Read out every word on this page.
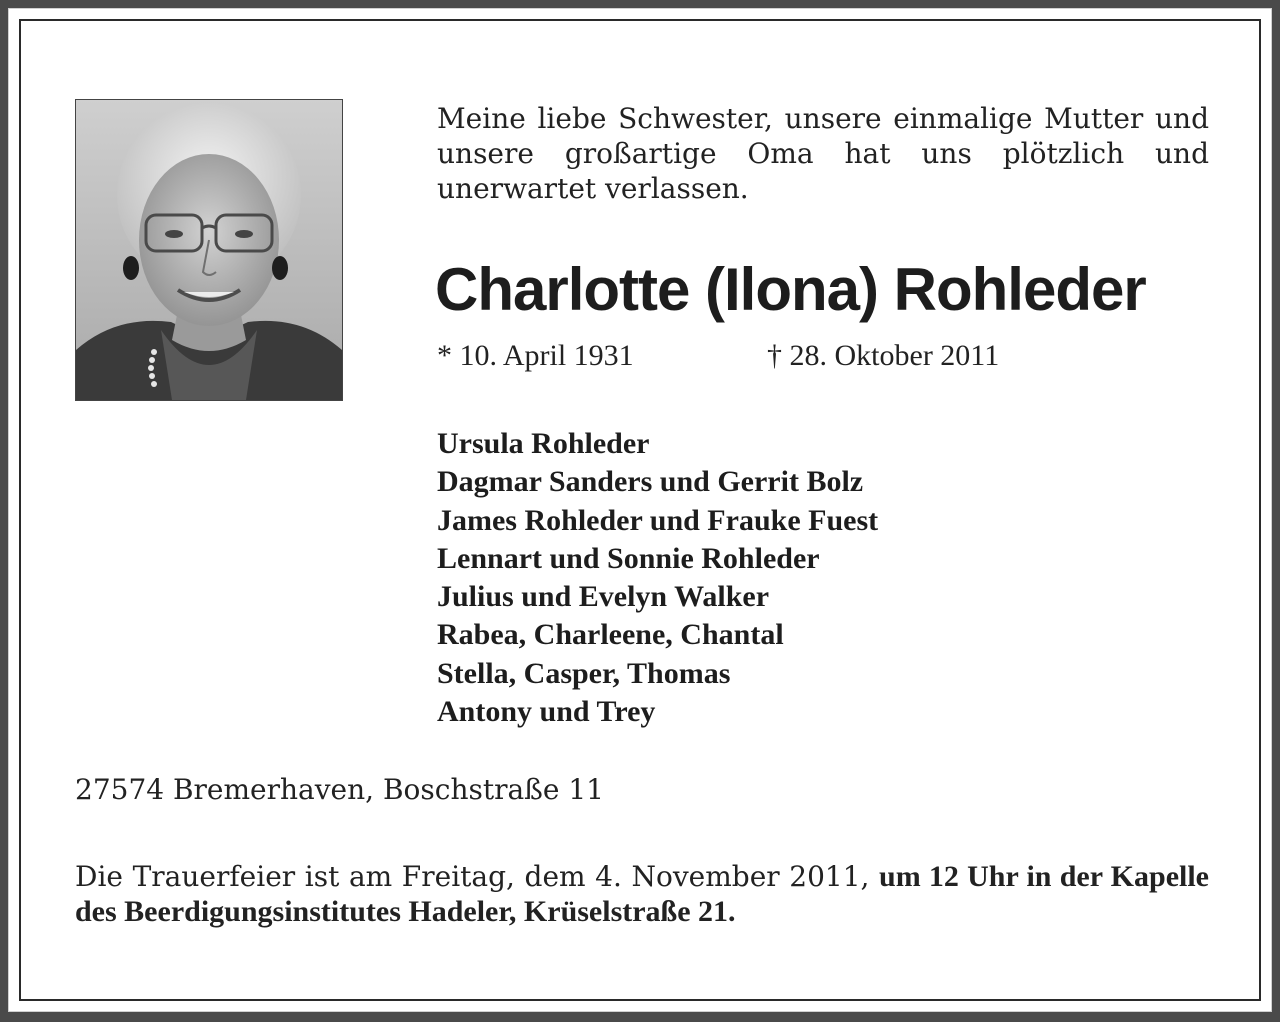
Meine liebe Schwester, unsere einmalige Mutter und unsere großartige Oma hat uns plötzlich und unerwartet verlassen.

Charlotte (Ilona) Rohleder
* 10. April 1931	† 28. Oktober 2011
Ursula Rohleder
Dagmar Sanders und Gerrit Bolz
James Rohleder und Frauke Fuest
Lennart und Sonnie Rohleder
Julius und Evelyn Walker
Rabea, Charleene, Chantal
Stella, Casper, Thomas
Antony und Trey

27574 Bremerhaven, Boschstraße 11

Die Trauerfeier ist am Freitag, dem 4. November 2011, um 12 Uhr in der Kapelle des Beerdigungsinstitutes Hadeler, Krüselstraße 21.
